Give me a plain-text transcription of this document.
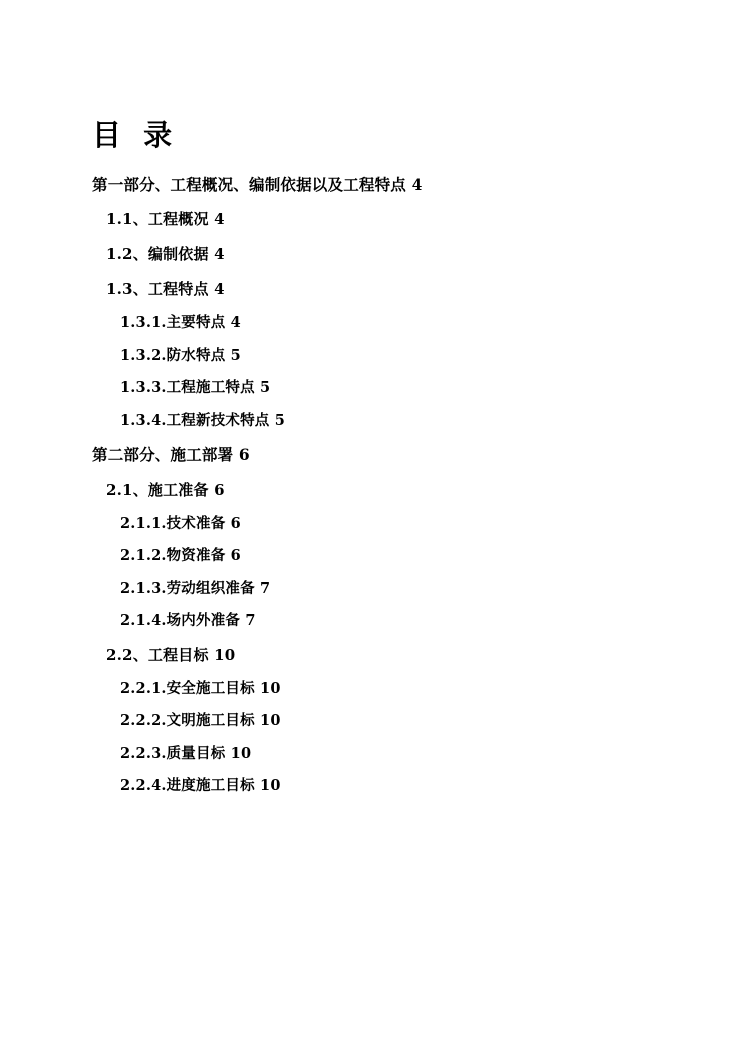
目 录
第一部分、工程概况、编制依据以及工程特点 4
1.1、工程概况 4
1.2、编制依据 4
1.3、工程特点 4
1.3.1.主要特点 4
1.3.2.防水特点 5
1.3.3.工程施工特点 5
1.3.4.工程新技术特点 5
第二部分、施工部署 6
2.1、施工准备 6
2.1.1.技术准备 6
2.1.2.物资准备 6
2.1.3.劳动组织准备 7
2.1.4.场内外准备 7
2.2、工程目标 10
2.2.1.安全施工目标 10
2.2.2.文明施工目标 10
2.2.3.质量目标 10
2.2.4.进度施工目标 10
